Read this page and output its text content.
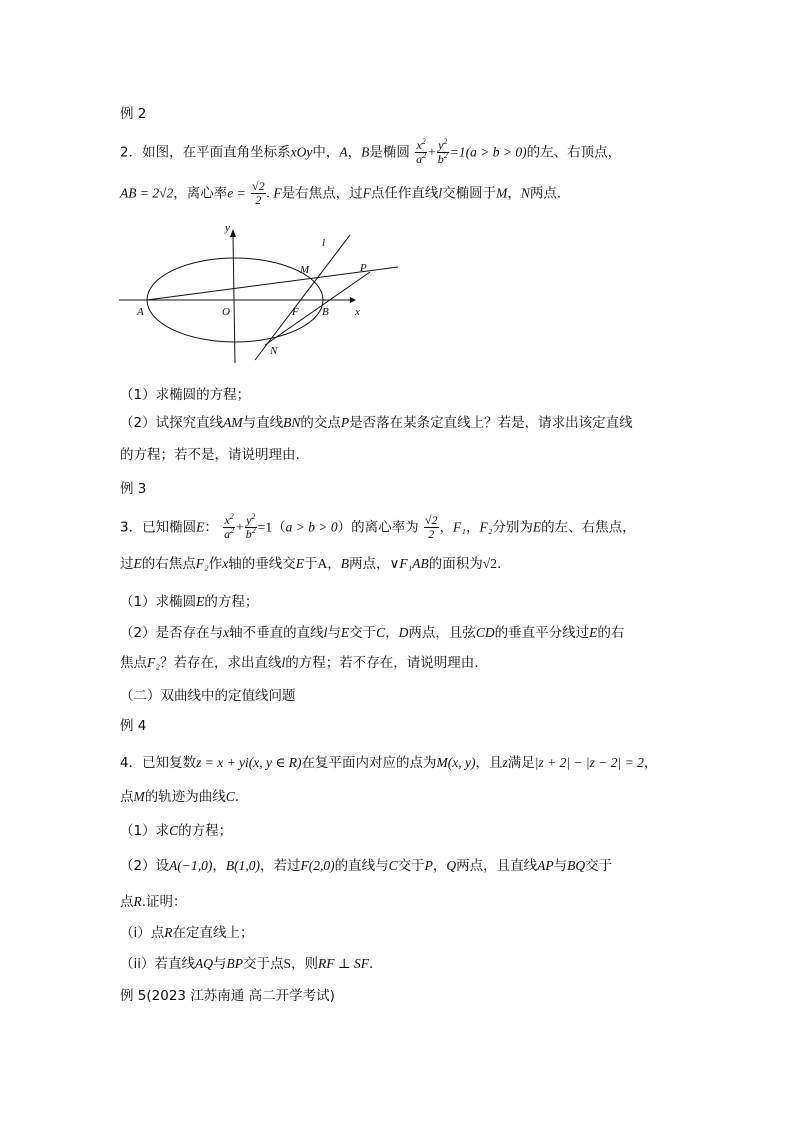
例 2
2．如图，在平面直角坐标系xOy中，A，B是椭圆 $\frac{x^2}{a^2} + \frac{y^2}{b^2} =1(a > b > 0)$的左、右顶点，
AB = 2√2，离心率$e = \frac{√2}{2}$ . F是右焦点，过F点任作直线l交椭圆于M，N两点.
y
l
M	P
A	O	F B x
N
（1）求椭圆的方程；
（2）试探究直线AM与直线BN的交点P是否落在某条定直线上？若是，请求出该定直线
的方程；若不是，请说明理由.
例 3
3．已知椭圆E： $\frac{x^2}{a^2} + \frac{y^2}{b^2} =1(a > b > 0)$的离心率为 $\frac{√2}{2}$ ，F₁，F₂分别为E的左、右焦点，
过E的右焦点F₂作x轴的垂线交E于A，B两点，∨F₁AB的面积为√2.
（1）求椭圆E的方程；
（2）是否存在与x轴不垂直的直线l与E交于C，D两点，且弦CD的垂直平分线过E的右
焦点F₂？若存在，求出直线l的方程；若不存在，请说明理由.
（二）双曲线中的定值线问题
例 4
4．已知复数z = x + yi(x, y ∈ R)在复平面内对应的点为M(x, y)，且z满足|z + 2| − |z − 2| = 2，
点M的轨迹为曲线C.
（1）求C的方程；
（2）设A(−1,0)，B(1,0)，若过F(2,0)的直线与C交于P，Q两点，且直线AP与BQ交于
点R.证明：
（i）点R在定直线上；
（ii）若直线AQ与BP交于点S，则RF ⊥ SF.
例 5(2023 江苏南通 高二开学考试)
